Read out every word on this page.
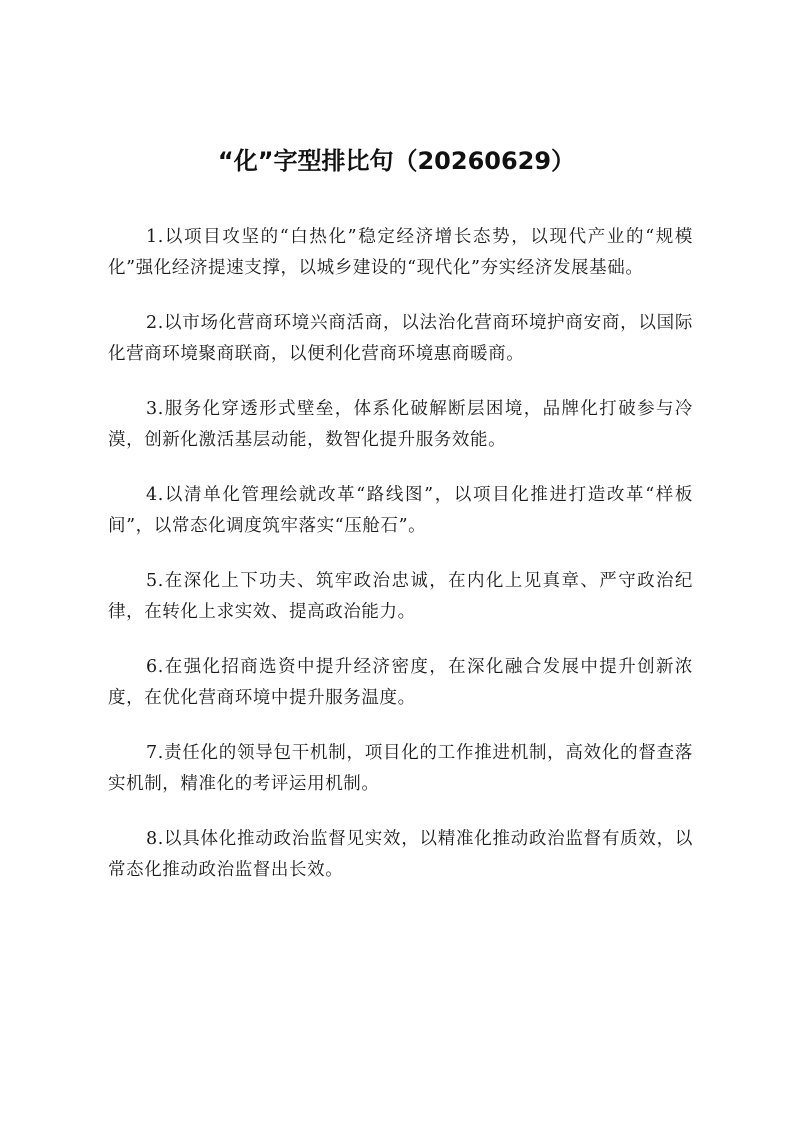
“化”字型排比句（20260629）

1.以项目攻坚的“白热化”稳定经济增长态势，以现代产业的“规模化”强化经济提速支撑，以城乡建设的“现代化”夯实经济发展基础。

2.以市场化营商环境兴商活商，以法治化营商环境护商安商，以国际化营商环境聚商联商，以便利化营商环境惠商暖商。

3.服务化穿透形式壁垒，体系化破解断层困境，品牌化打破参与冷漠，创新化激活基层动能，数智化提升服务效能。

4.以清单化管理绘就改革“路线图”，以项目化推进打造改革“样板间”，以常态化调度筑牢落实“压舱石”。

5.在深化上下功夫、筑牢政治忠诚，在内化上见真章、严守政治纪律，在转化上求实效、提高政治能力。

6.在强化招商选资中提升经济密度，在深化融合发展中提升创新浓度，在优化营商环境中提升服务温度。

7.责任化的领导包干机制，项目化的工作推进机制，高效化的督查落实机制，精准化的考评运用机制。

8.以具体化推动政治监督见实效，以精准化推动政治监督有质效，以常态化推动政治监督出长效。
